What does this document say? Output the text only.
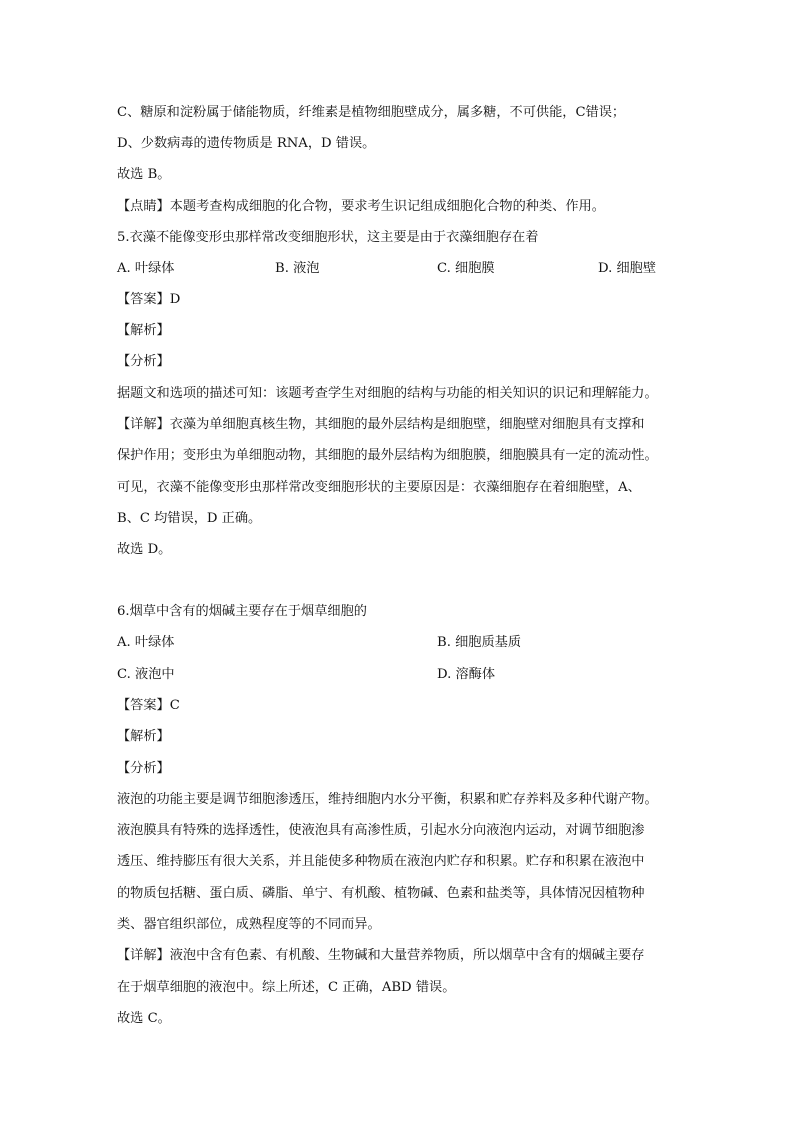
C、糖原和淀粉属于储能物质，纤维素是植物细胞壁成分，属多糖，不可供能，C错误；
D、少数病毒的遗传物质是 RNA，D 错误。
故选 B。
【点睛】本题考查构成细胞的化合物，要求考生识记组成细胞化合物的种类、作用。
5.衣藻不能像变形虫那样常改变细胞形状，这主要是由于衣藻细胞存在着
A. 叶绿体	B. 液泡	C. 细胞膜	D. 细胞壁
【答案】D
【解析】
【分析】
据题文和选项的描述可知：该题考查学生对细胞的结构与功能的相关知识的识记和理解能力。
【详解】衣藻为单细胞真核生物，其细胞的最外层结构是细胞壁，细胞壁对细胞具有支撑和
保护作用；变形虫为单细胞动物，其细胞的最外层结构为细胞膜，细胞膜具有一定的流动性。
可见，衣藻不能像变形虫那样常改变细胞形状的主要原因是：衣藻细胞存在着细胞壁，A、
B、C 均错误，D 正确。
故选 D。
6.烟草中含有的烟碱主要存在于烟草细胞的
A. 叶绿体	B. 细胞质基质
C. 液泡中	D. 溶酶体
【答案】C
【解析】
【分析】
液泡的功能主要是调节细胞渗透压，维持细胞内水分平衡，积累和贮存养料及多种代谢产物。
液泡膜具有特殊的选择透性，使液泡具有高渗性质，引起水分向液泡内运动，对调节细胞渗
透压、维持膨压有很大关系，并且能使多种物质在液泡内贮存和积累。贮存和积累在液泡中
的物质包括糖、蛋白质、磷脂、单宁、有机酸、植物碱、色素和盐类等，具体情况因植物种
类、器官组织部位，成熟程度等的不同而异。
【详解】液泡中含有色素、有机酸、生物碱和大量营养物质，所以烟草中含有的烟碱主要存
在于烟草细胞的液泡中。综上所述，C 正确，ABD 错误。
故选 C。
